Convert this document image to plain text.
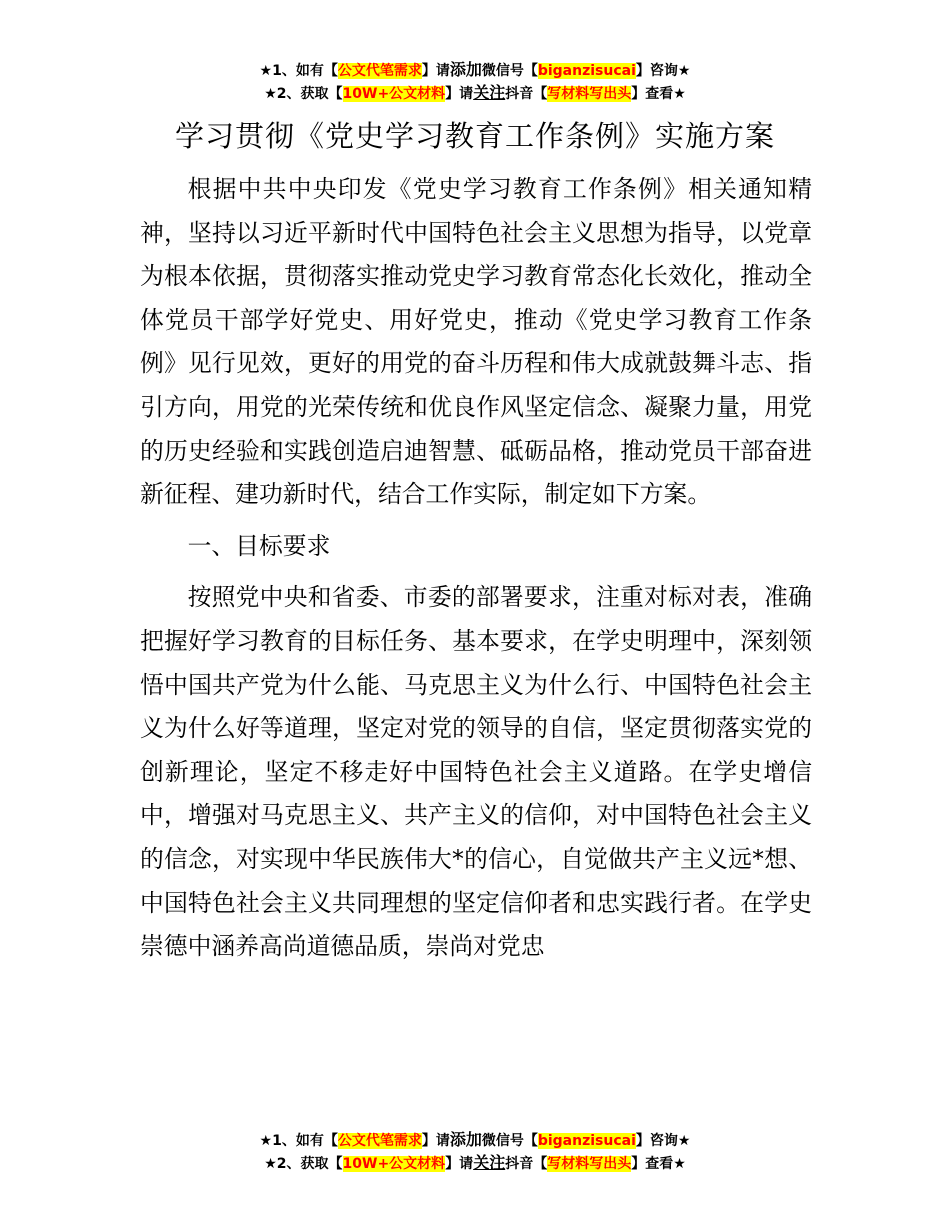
★1、如有【公文代笔需求】请添加微信号【biganzisucai】咨询★
★2、获取【10W+公文材料】请关注抖音【写材料写出头】查看★
学习贯彻《党史学习教育工作条例》实施方案

根据中共中央印发《党史学习教育工作条例》相关通知精神，坚持以习近平新时代中国特色社会主义思想为指导，以党章为根本依据，贯彻落实推动党史学习教育常态化长效化，推动全体党员干部学好党史、用好党史，推动《党史学习教育工作条例》见行见效，更好的用党的奋斗历程和伟大成就鼓舞斗志、指引方向，用党的光荣传统和优良作风坚定信念、凝聚力量，用党的历史经验和实践创造启迪智慧、砥砺品格，推动党员干部奋进新征程、建功新时代，结合工作实际，制定如下方案。

一、目标要求

按照党中央和省委、市委的部署要求，注重对标对表，准确把握好学习教育的目标任务、基本要求，在学史明理中，深刻领悟中国共产党为什么能、马克思主义为什么行、中国特色社会主义为什么好等道理，坚定对党的领导的自信，坚定贯彻落实党的创新理论，坚定不移走好中国特色社会主义道路。在学史增信中，增强对马克思主义、共产主义的信仰，对中国特色社会主义的信念，对实现中华民族伟大*的信心，自觉做共产主义远*想、中国特色社会主义共同理想的坚定信仰者和忠实践行者。在学史崇德中涵养高尚道德品质，崇尚对党忠

★1、如有【公文代笔需求】请添加微信号【biganzisucai】咨询★
★2、获取【10W+公文材料】请关注抖音【写材料写出头】查看★
